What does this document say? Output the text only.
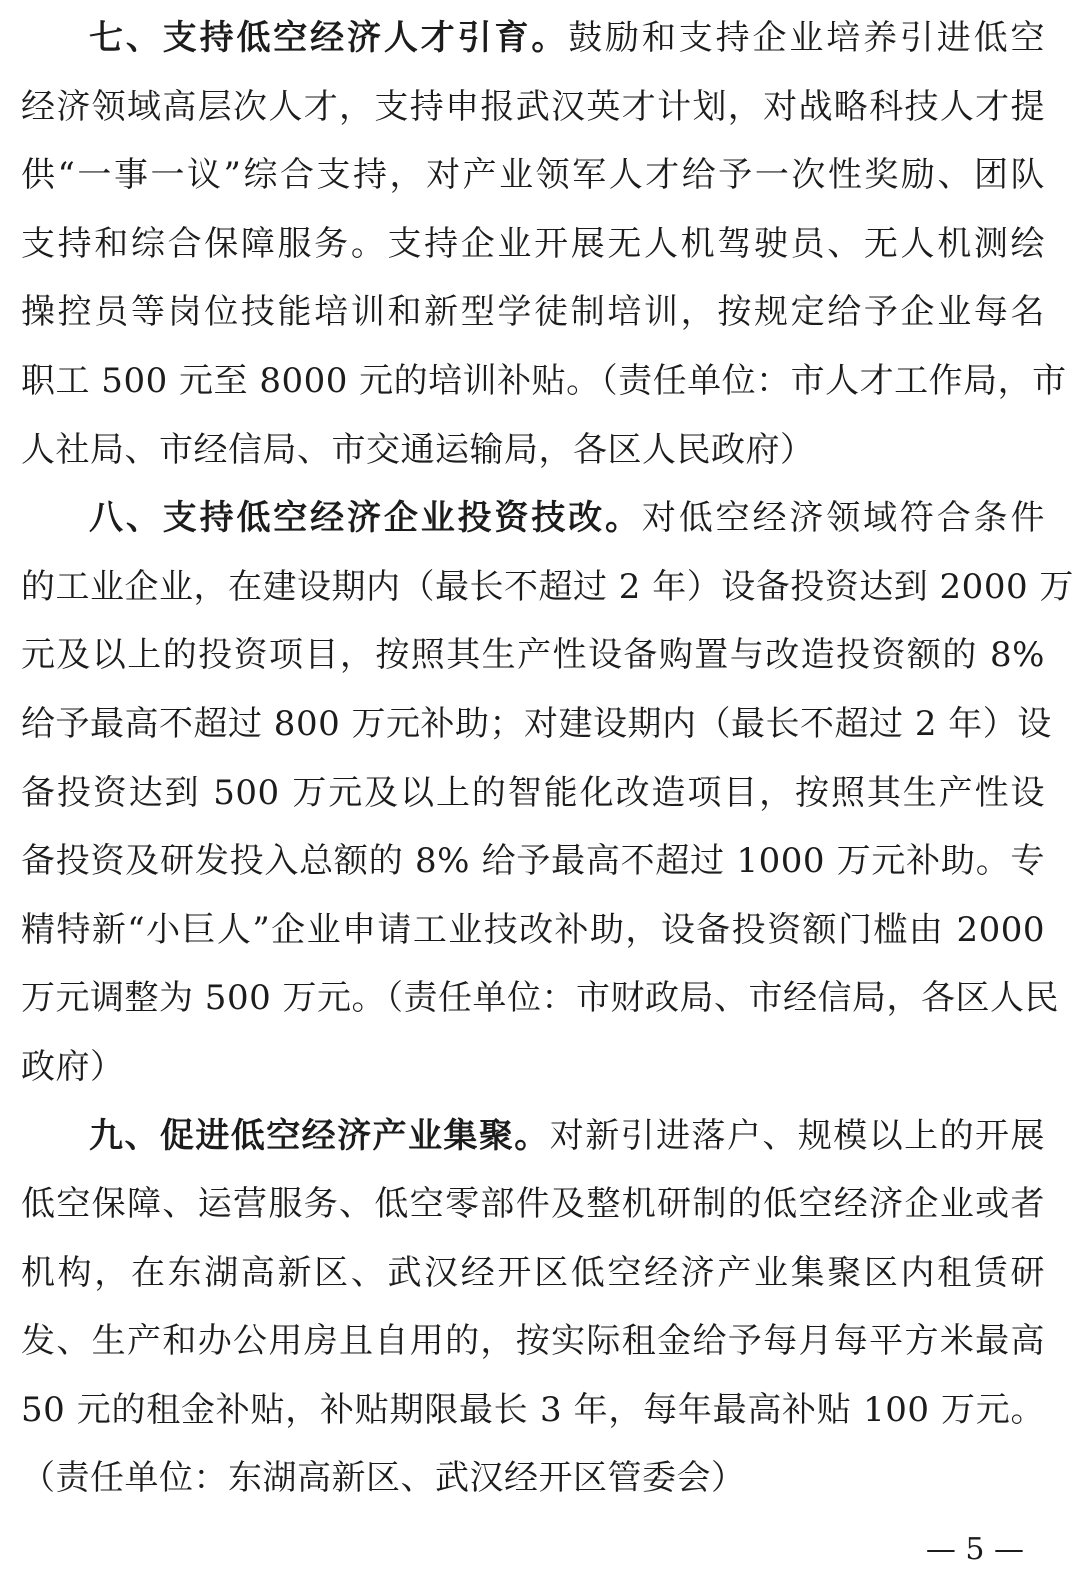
七、支持低空经济人才引育。鼓励和支持企业培养引进低空
经济领域高层次人才，支持申报武汉英才计划，对战略科技人才提
供“一事一议”综合支持，对产业领军人才给予一次性奖励、团队
支持和综合保障服务。支持企业开展无人机驾驶员、无人机测绘
操控员等岗位技能培训和新型学徒制培训，按规定给予企业每名
职工 500 元至 8000 元的培训补贴。（责任单位：市人才工作局，市
人社局、市经信局、市交通运输局，各区人民政府）
八、支持低空经济企业投资技改。对低空经济领域符合条件
的工业企业，在建设期内（最长不超过 2 年）设备投资达到 2000 万
元及以上的投资项目，按照其生产性设备购置与改造投资额的 8%
给予最高不超过 800 万元补助；对建设期内（最长不超过 2 年）设
备投资达到 500 万元及以上的智能化改造项目，按照其生产性设
备投资及研发投入总额的 8% 给予最高不超过 1000 万元补助。专
精特新“小巨人”企业申请工业技改补助，设备投资额门槛由 2000
万元调整为 500 万元。（责任单位：市财政局、市经信局，各区人民
政府）
九、促进低空经济产业集聚。对新引进落户、规模以上的开展
低空保障、运营服务、低空零部件及整机研制的低空经济企业或者
机构，在东湖高新区、武汉经开区低空经济产业集聚区内租赁研
发、生产和办公用房且自用的，按实际租金给予每月每平方米最高
50 元的租金补贴，补贴期限最长 3 年，每年最高补贴 100 万元。
（责任单位：东湖高新区、武汉经开区管委会）
— 5 —
